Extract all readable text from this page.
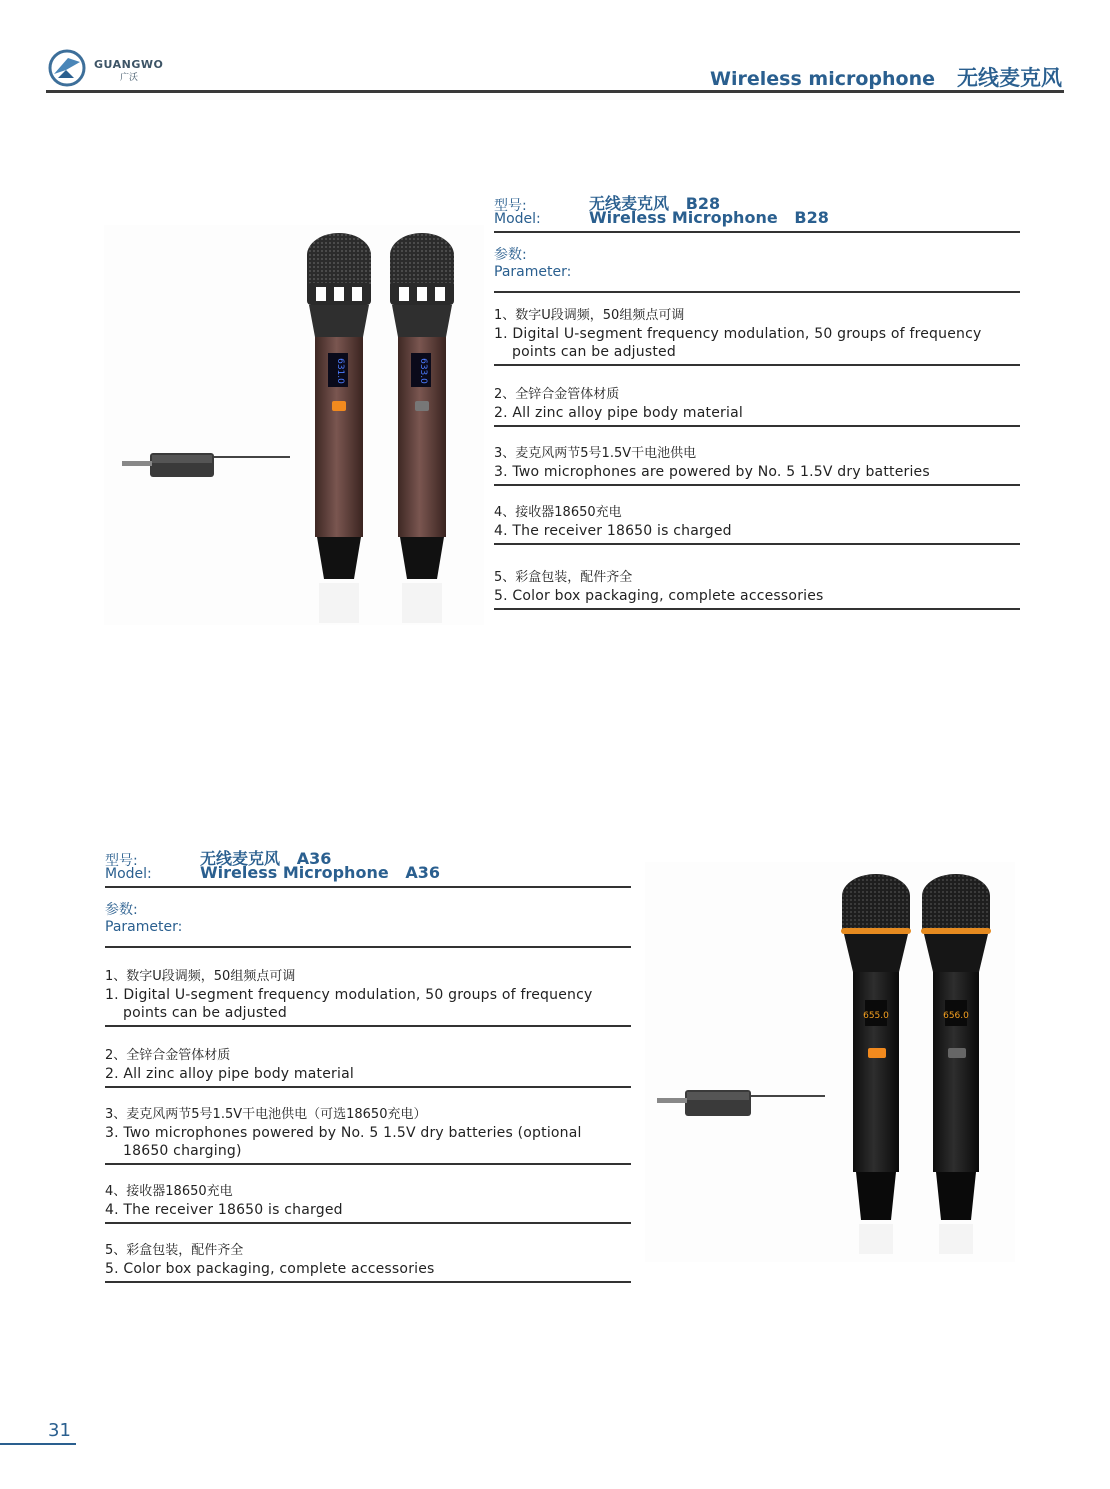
GUANGWO
广沃	Wireless microphone 无线麦克风
631.0	633.0
型号:
Model:
无线麦克风   B28
Wireless Microphone   B28
参数:
Parameter:
1、数字U段调频，50组频点可调
1. Digital U-segment frequency modulation, 50 groups of frequency points can be adjusted
2、全锌合金管体材质
2. All zinc alloy pipe body material
3、麦克风两节5号1.5V干电池供电
3. Two microphones are powered by No. 5 1.5V dry batteries
4、接收器18650充电
4. The receiver 18650 is charged
5、彩盒包装，配件齐全
5. Color box packaging, complete accessories
型号:
Model:
无线麦克风   A36
Wireless Microphone   A36
参数:
Parameter:
1、数字U段调频，50组频点可调
1. Digital U-segment frequency modulation, 50 groups of frequency points can be adjusted
2、全锌合金管体材质
2. All zinc alloy pipe body material
3、麦克风两节5号1.5V干电池供电（可选18650充电）
3. Two microphones powered by No. 5 1.5V dry batteries (optional 18650 charging)
4、接收器18650充电
4. The receiver 18650 is charged
5、彩盒包装，配件齐全
5. Color box packaging, complete accessories
655.0	656.0
31
